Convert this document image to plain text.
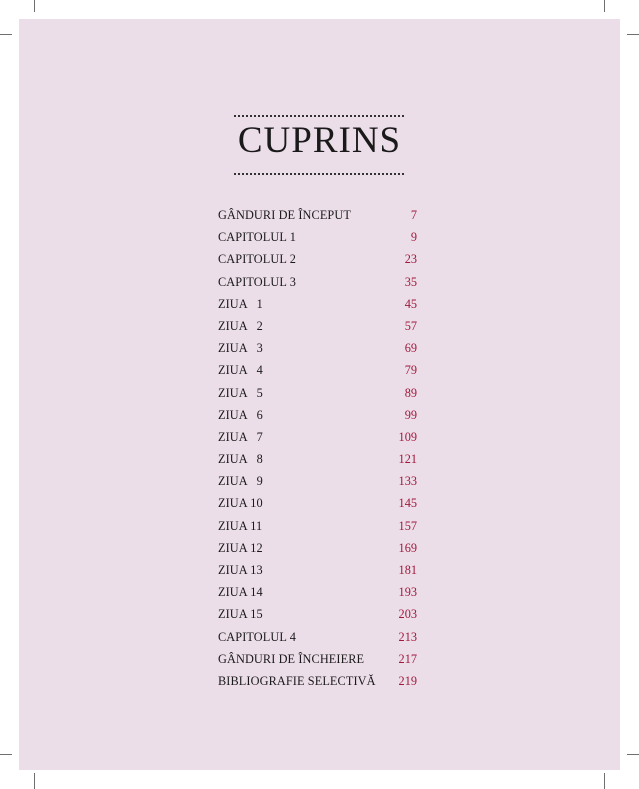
CUPRINS
GÂNDURI DE ÎNCEPUT	7
CAPITOLUL 1	9
CAPITOLUL 2	23
CAPITOLUL 3	35
ZIUA   1	45
ZIUA   2	57
ZIUA   3	69
ZIUA   4	79
ZIUA   5	89
ZIUA   6	99
ZIUA   7	109
ZIUA   8	121
ZIUA   9	133
ZIUA 10	145
ZIUA 11	157
ZIUA 12	169
ZIUA 13	181
ZIUA 14	193
ZIUA 15	203
CAPITOLUL 4	213
GÂNDURI DE ÎNCHEIERE	217
BIBLIOGRAFIE SELECTIVĂ	219
